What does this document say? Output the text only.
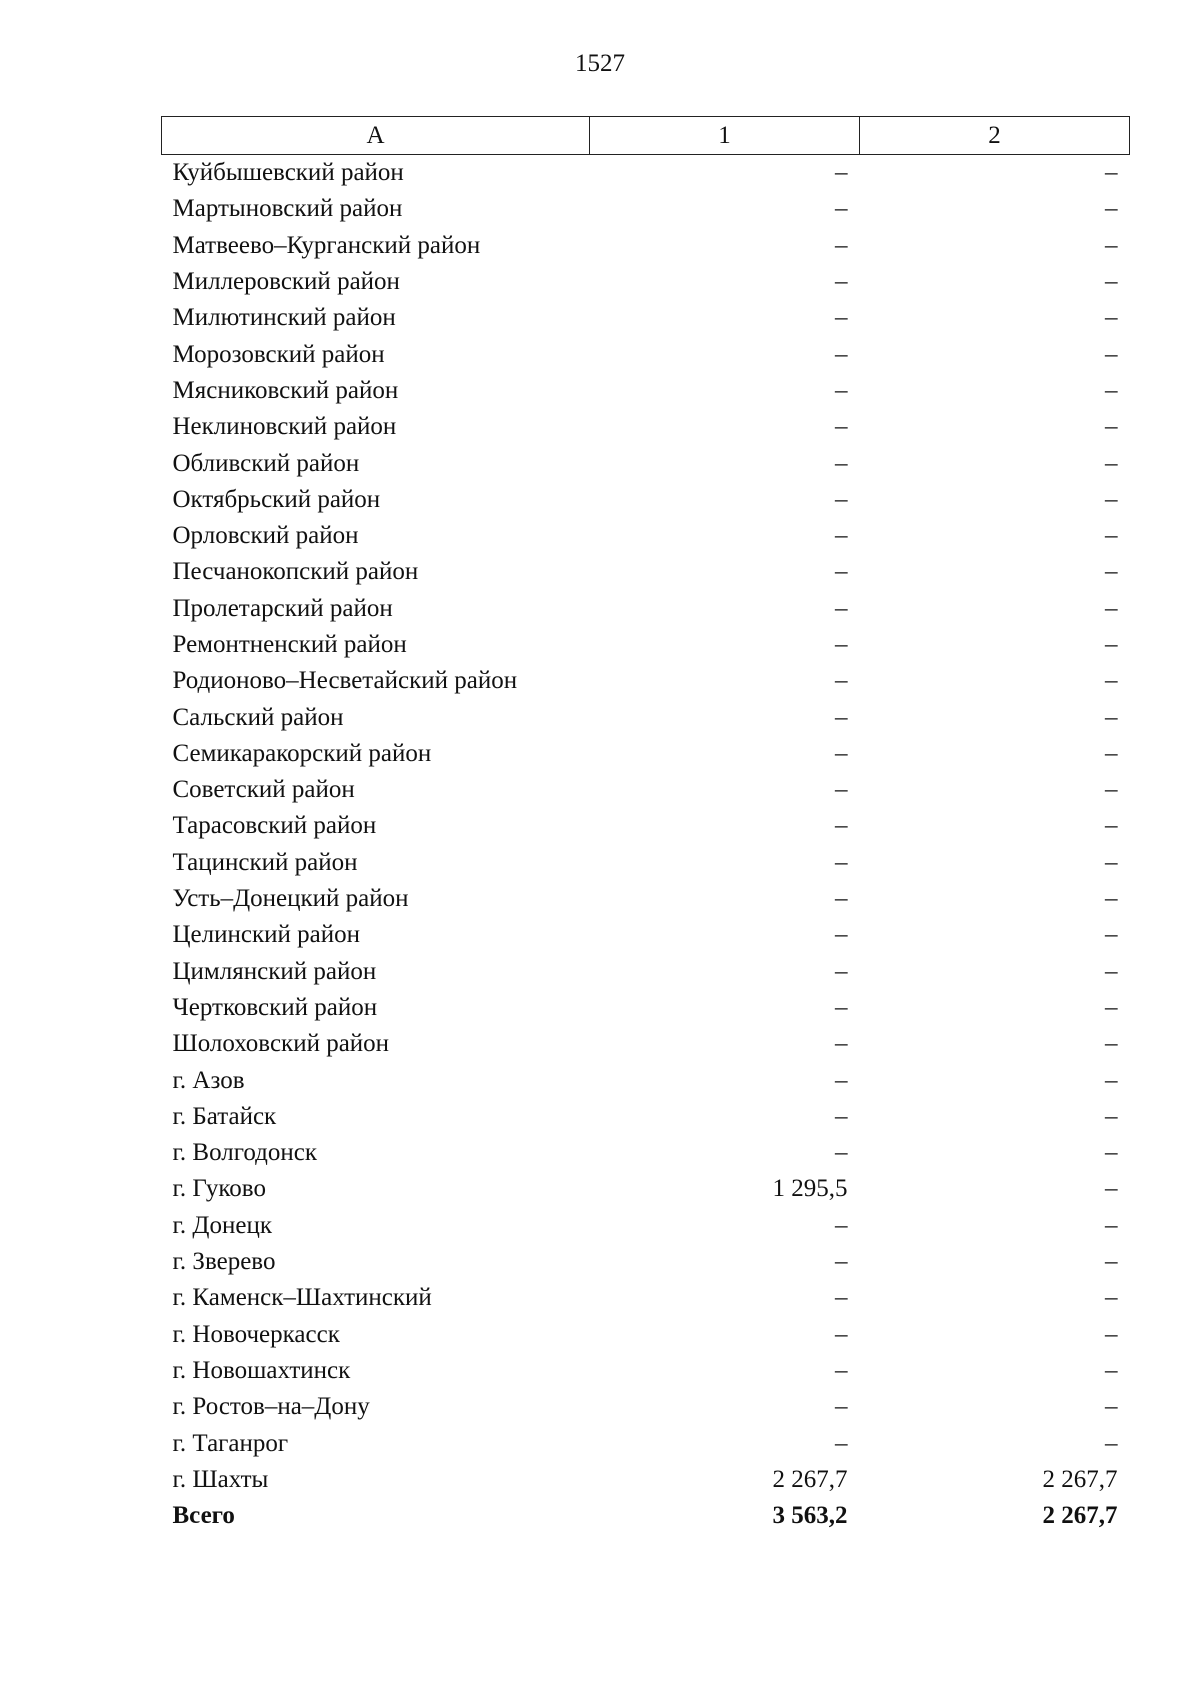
1527
А	1	2
Куйбышевский район	–	–
Мартыновский район	–	–
Матвеево–Курганский район	–	–
Миллеровский район	–	–
Милютинский район	–	–
Морозовский район	–	–
Мясниковский район	–	–
Неклиновский район	–	–
Обливский район	–	–
Октябрьский район	–	–
Орловский район	–	–
Песчанокопский район	–	–
Пролетарский район	–	–
Ремонтненский район	–	–
Родионово–Несветайский район	–	–
Сальский район	–	–
Семикаракорский район	–	–
Советский район	–	–
Тарасовский район	–	–
Тацинский район	–	–
Усть–Донецкий район	–	–
Целинский район	–	–
Цимлянский район	–	–
Чертковский район	–	–
Шолоховский район	–	–
г. Азов	–	–
г. Батайск	–	–
г. Волгодонск	–	–
г. Гуково	1 295,5	–
г. Донецк	–	–
г. Зверево	–	–
г. Каменск–Шахтинский	–	–
г. Новочеркасск	–	–
г. Новошахтинск	–	–
г. Ростов–на–Дону	–	–
г. Таганрог	–	–
г. Шахты	2 267,7	2 267,7
Всего	3 563,2	2 267,7
